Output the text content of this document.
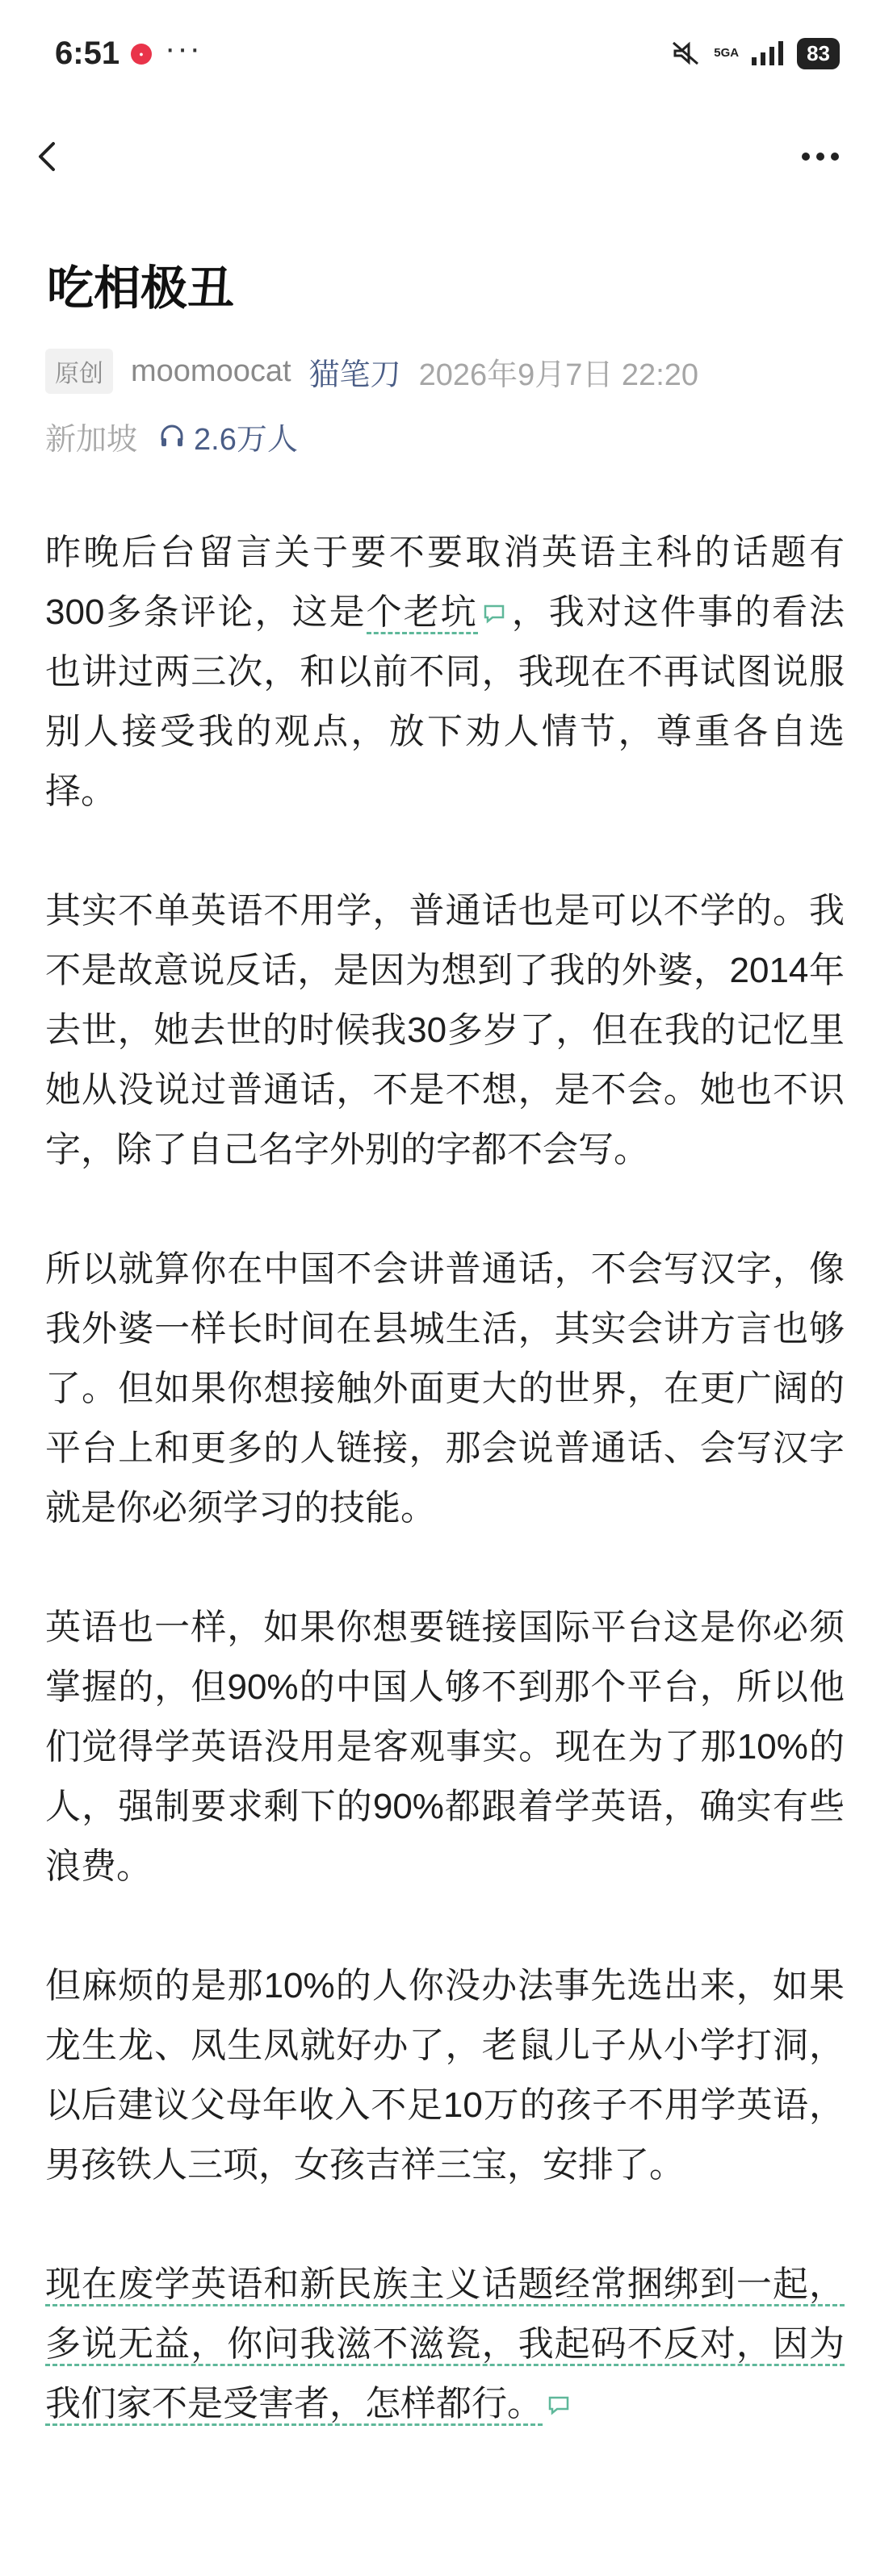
6:51	● ···	5GA	83
吃相极丑
原创 moomoocat 猫笔刀 2026年9月7日 22:20
新加坡 2.6万人

昨晚后台留言关于要不要取消英语主科的话题有300多条评论，这是个老坑 ，我对这件事的看法也讲过两三次，和以前不同，我现在不再试图说服别人接受我的观点，放下劝人情节，尊重各自选择。

其实不单英语不用学，普通话也是可以不学的。我不是故意说反话，是因为想到了我的外婆，2014年去世，她去世的时候我30多岁了，但在我的记忆里她从没说过普通话，不是不想，是不会。她也不识字，除了自己名字外别的字都不会写。

所以就算你在中国不会讲普通话，不会写汉字，像我外婆一样长时间在县城生活，其实会讲方言也够了。但如果你想接触外面更大的世界，在更广阔的平台上和更多的人链接，那会说普通话、会写汉字就是你必须学习的技能。

英语也一样，如果你想要链接国际平台这是你必须掌握的，但90%的中国人够不到那个平台，所以他们觉得学英语没用是客观事实。现在为了那10%的人，强制要求剩下的90%都跟着学英语，确实有些浪费。

但麻烦的是那10%的人你没办法事先选出来，如果龙生龙、凤生凤就好办了，老鼠儿子从小学打洞，以后建议父母年收入不足10万的孩子不用学英语，男孩铁人三项，女孩吉祥三宝，安排了。

现在废学英语和新民族主义话题经常捆绑到一起，多说无益，你问我滋不滋瓷，我起码不反对，因为我们家不是受害者，怎样都行。
